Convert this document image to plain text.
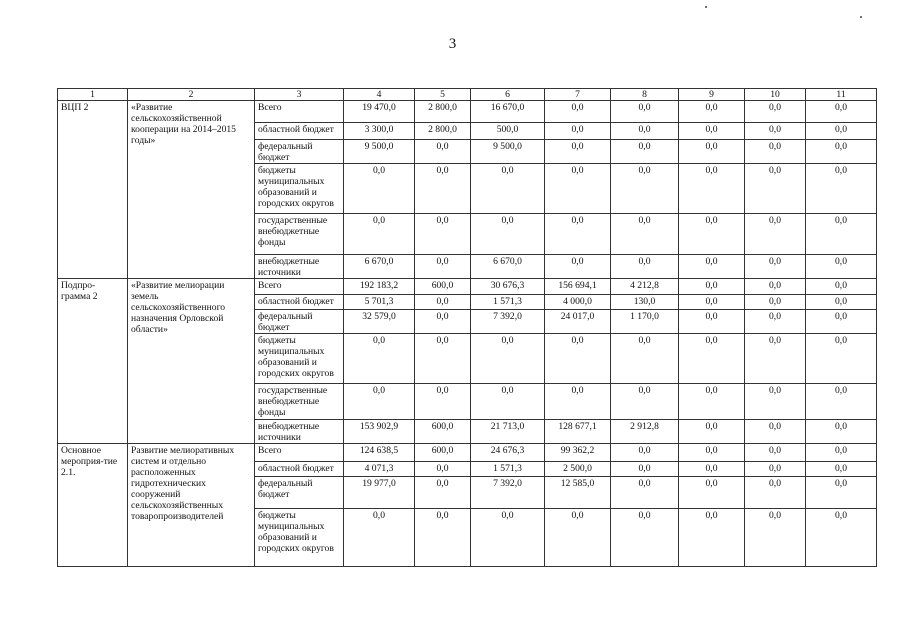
3
1	2	3	4	5	6	7	8	9	10	11
ВЦП 2	«Развитие сельскохозяйственной кооперации на 2014–2015 годы»	Всего	19 470,0	2 800,0	16 670,0	0,0	0,0	0,0	0,0	0,0
		областной бюджет	3 300,0	2 800,0	500,0	0,0	0,0	0,0	0,0	0,0
		федеральный бюджет	9 500,0	0,0	9 500,0	0,0	0,0	0,0	0,0	0,0
		бюджеты муниципальных образований и городских округов	0,0	0,0	0,0	0,0	0,0	0,0	0,0	0,0
		государственные внебюджетные фонды	0,0	0,0	0,0	0,0	0,0	0,0	0,0	0,0
		внебюджетные источники	6 670,0	0,0	6 670,0	0,0	0,0	0,0	0,0	0,0
Подпро-грамма 2	«Развитие мелиорации земель сельскохозяйственного назначения Орловской области»	Всего	192 183,2	600,0	30 676,3	156 694,1	4 212,8	0,0	0,0	0,0
		областной бюджет	5 701,3	0,0	1 571,3	4 000,0	130,0	0,0	0,0	0,0
		федеральный бюджет	32 579,0	0,0	7 392,0	24 017,0	1 170,0	0,0	0,0	0,0
		бюджеты муниципальных образований и городских округов	0,0	0,0	0,0	0,0	0,0	0,0	0,0	0,0
		государственные внебюджетные фонды	0,0	0,0	0,0	0,0	0,0	0,0	0,0	0,0
		внебюджетные источники	153 902,9	600,0	21 713,0	128 677,1	2 912,8	0,0	0,0	0,0
Основное мероприя-тие 2.1.	Развитие мелиоративных систем и отдельно расположенных гидротехнических сооружений сельскохозяйственных товаропроизводителей	Всего	124 638,5	600,0	24 676,3	99 362,2	0,0	0,0	0,0	0,0
		областной бюджет	4 071,3	0,0	1 571,3	2 500,0	0,0	0,0	0,0	0,0
		федеральный бюджет	19 977,0	0,0	7 392,0	12 585,0	0,0	0,0	0,0	0,0
		бюджеты муниципальных образований и городских округов	0,0	0,0	0,0	0,0	0,0	0,0	0,0	0,0
